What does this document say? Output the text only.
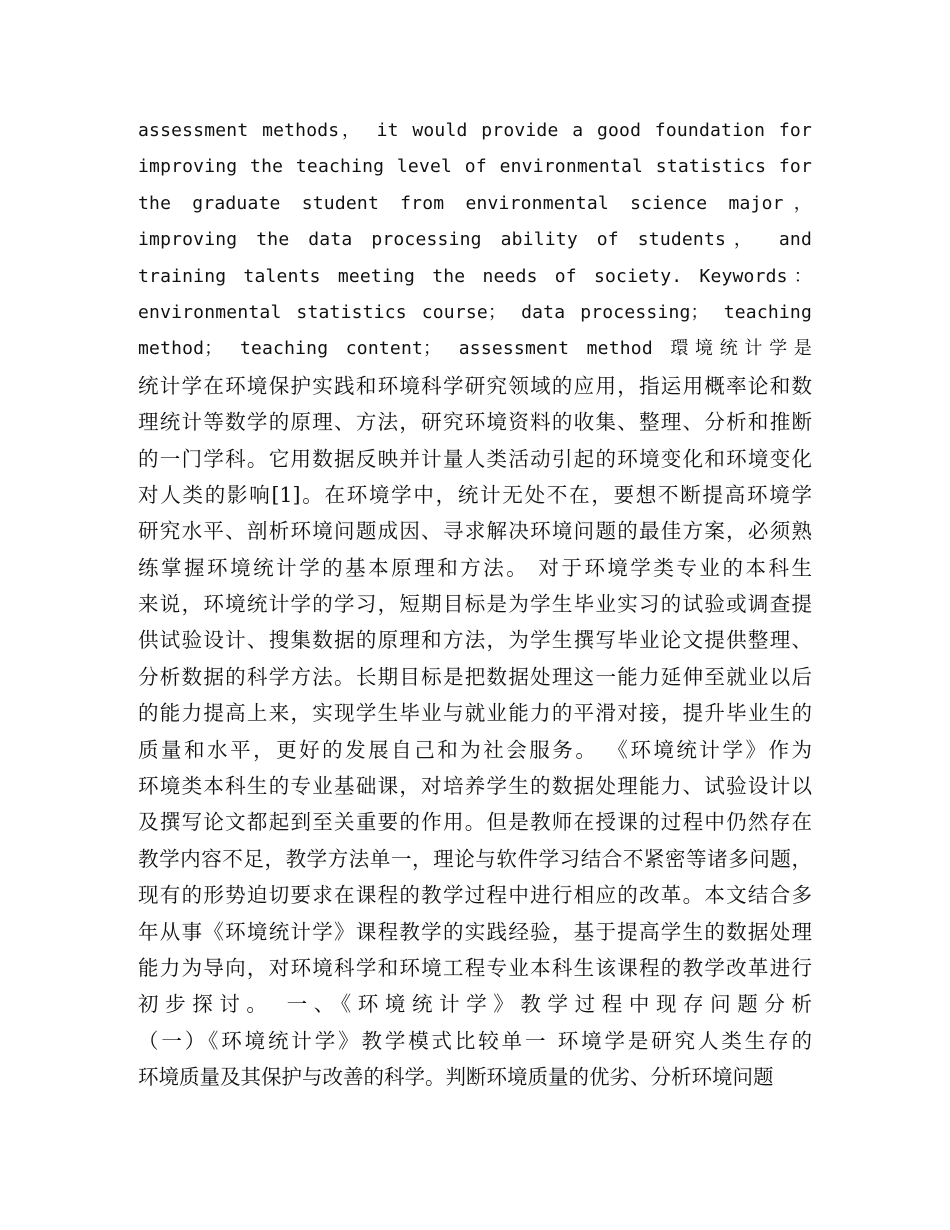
assessment methods， it would provide a good foundation for
improving the teaching level of environmental statistics for
the graduate student from environmental science major，
improving the data processing ability of students， and
training talents meeting the needs of society. Keywords：
environmental statistics course； data processing； teaching
method； teaching content； assessment method 環境统计学是
统计学在环境保护实践和环境科学研究领域的应用，指运用概率论和数
理统计等数学的原理、方法，研究环境资料的收集、整理、分析和推断
的一门学科。它用数据反映并计量人类活动引起的环境变化和环境变化
对人类的影响[1]。在环境学中，统计无处不在，要想不断提高环境学
研究水平、剖析环境问题成因、寻求解决环境问题的最佳方案，必须熟
练掌握环境统计学的基本原理和方法。 对于环境学类专业的本科生
来说，环境统计学的学习，短期目标是为学生毕业实习的试验或调查提
供试验设计、搜集数据的原理和方法，为学生撰写毕业论文提供整理、
分析数据的科学方法。长期目标是把数据处理这一能力延伸至就业以后
的能力提高上来，实现学生毕业与就业能力的平滑对接，提升毕业生的
质量和水平，更好的发展自己和为社会服务。 《环境统计学》作为
环境类本科生的专业基础课，对培养学生的数据处理能力、试验设计以
及撰写论文都起到至关重要的作用。但是教师在授课的过程中仍然存在
教学内容不足，教学方法单一，理论与软件学习结合不紧密等诸多问题，
现有的形势迫切要求在课程的教学过程中进行相应的改革。本文结合多
年从事《环境统计学》课程教学的实践经验，基于提高学生的数据处理
能力为导向，对环境科学和环境工程专业本科生该课程的教学改革进行
初步探讨。 一、《环境统计学》教学过程中现存问题分析
（一）《环境统计学》教学模式比较单一 环境学是研究人类生存的
环境质量及其保护与改善的科学。判断环境质量的优劣、分析环境问题
